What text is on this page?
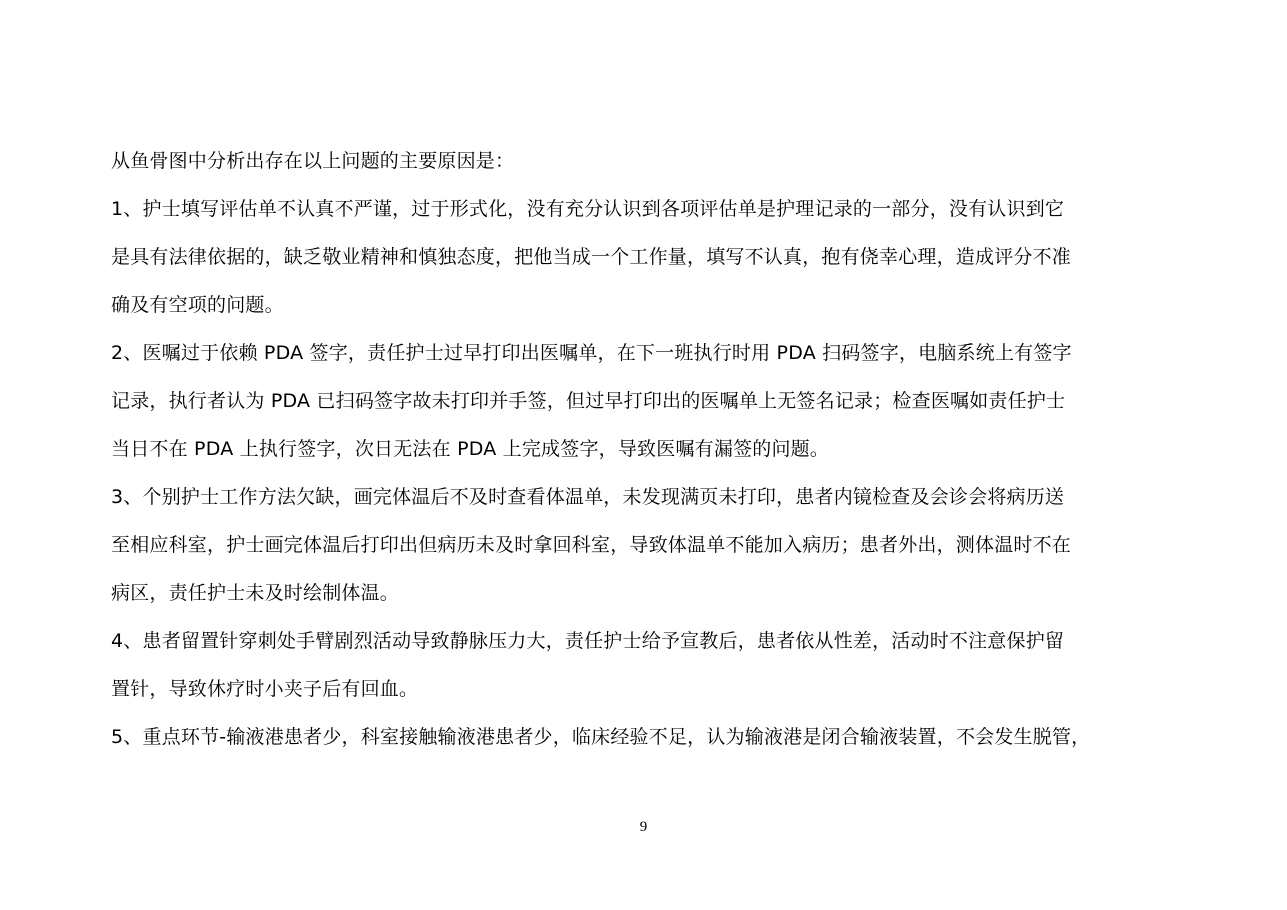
从鱼骨图中分析出存在以上问题的主要原因是：
1、护士填写评估单不认真不严谨，过于形式化，没有充分认识到各项评估单是护理记录的一部分，没有认识到它
是具有法律依据的，缺乏敬业精神和慎独态度，把他当成一个工作量，填写不认真，抱有侥幸心理，造成评分不准
确及有空项的问题。
2、医嘱过于依赖 PDA 签字，责任护士过早打印出医嘱单，在下一班执行时用 PDA 扫码签字，电脑系统上有签字
记录，执行者认为 PDA 已扫码签字故未打印并手签，但过早打印出的医嘱单上无签名记录；检查医嘱如责任护士
当日不在 PDA 上执行签字，次日无法在 PDA 上完成签字，导致医嘱有漏签的问题。
3、个别护士工作方法欠缺，画完体温后不及时查看体温单，未发现满页未打印，患者内镜检查及会诊会将病历送
至相应科室，护士画完体温后打印出但病历未及时拿回科室，导致体温单不能加入病历；患者外出，测体温时不在
病区，责任护士未及时绘制体温。
4、患者留置针穿刺处手臂剧烈活动导致静脉压力大，责任护士给予宣教后，患者依从性差，活动时不注意保护留
置针，导致休疗时小夹子后有回血。
5、重点环节-输液港患者少，科室接触输液港患者少，临床经验不足，认为输液港是闭合输液装置，不会发生脱管，
9
